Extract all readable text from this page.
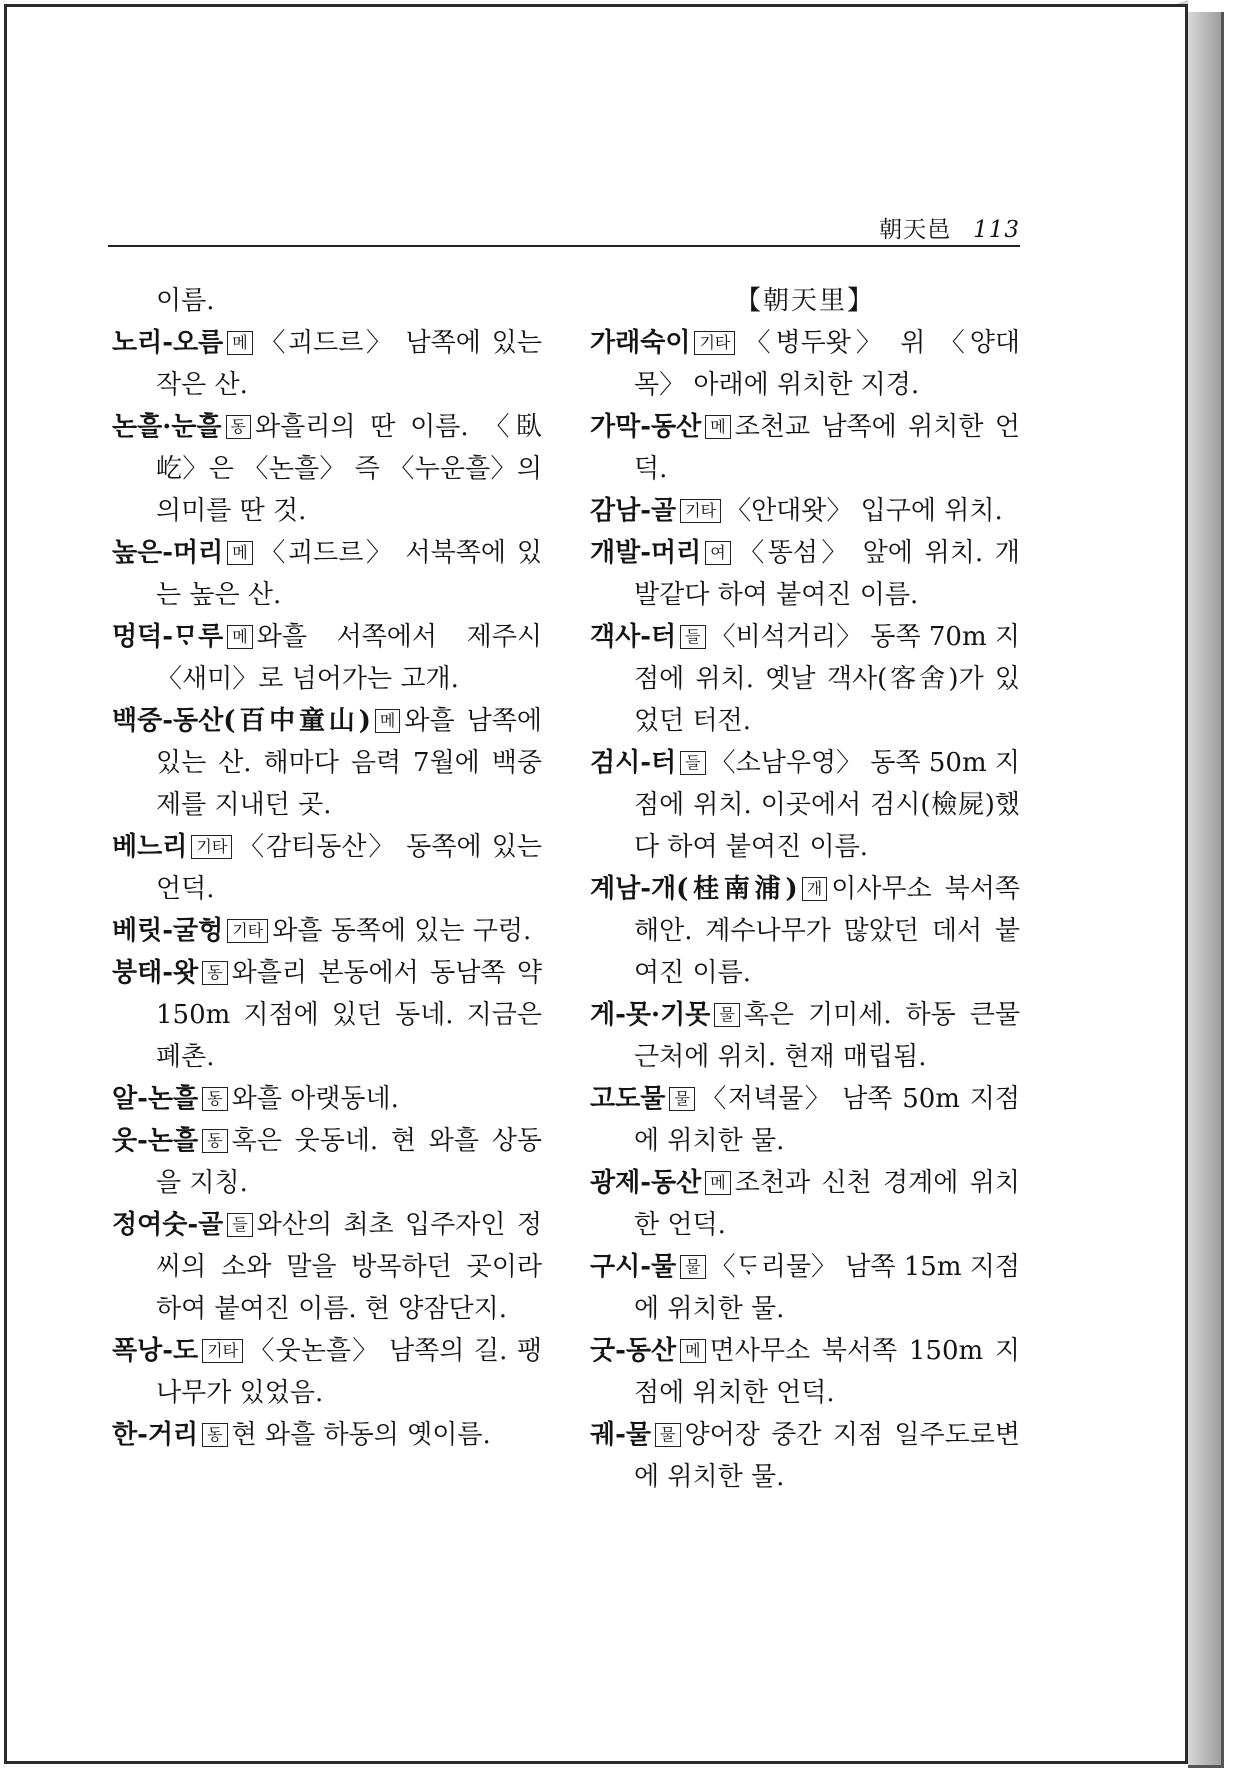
朝天邑 113

이름.

노리-오름 메 〈괴드르〉 남쪽에 있는 작은 산.

논흘·눈흘 동 와흘리의 딴 이름. 〈臥屹〉은 〈논흘〉 즉 〈누운흘〉의 의미를 딴 것.

높은-머리 메 〈괴드르〉 서북쪽에 있는 높은 산.

멍덕-ᄆᆞ루 메 와흘 서쪽에서 제주시 〈새미〉로 넘어가는 고개.

백중-동산(百中童山) 메 와흘 남쪽에 있는 산. 해마다 음력 7월에 백중제를 지내던 곳.

베느리 기타 〈감티동산〉 동쪽에 있는 언덕.

베릿-굴헝 기타 와흘 동쪽에 있는 구렁.

붕태-왓 동 와흘리 본동에서 동남쪽 약 150m 지점에 있던 동네. 지금은 폐촌.

알-논흘 동 와흘 아랫동네.

웃-논흘 동 혹은 웃동네. 현 와흘 상동을 지칭.

정여숫-골 들 와산의 최초 입주자인 정씨의 소와 말을 방목하던 곳이라 하여 붙여진 이름. 현 양잠단지.

폭낭-도 기타 〈웃논흘〉 남쪽의 길. 팽나무가 있었음.

한-거리 동 현 와흘 하동의 옛이름.

【朝天里】

가래숙이 기타 〈병두왓〉 위 〈양대목〉 아래에 위치한 지경.

가막-동산 메 조천교 남쪽에 위치한 언덕.

감남-골 기타 〈안대왓〉 입구에 위치.

개발-머리 여 〈똥섬〉 앞에 위치. 개발같다 하여 붙여진 이름.

객사-터 들 〈비석거리〉 동쪽 70m 지점에 위치. 옛날 객사(客舍)가 있었던 터전.

검시-터 들 〈소남우영〉 동쪽 50m 지점에 위치. 이곳에서 검시(檢屍)했다 하여 붙여진 이름.

계남-개(桂南浦) 개 이사무소 북서쪽 해안. 계수나무가 많았던 데서 붙여진 이름.

게-못·기못 물 혹은 기미세. 하동 큰물 근처에 위치. 현재 매립됨.

고도물 물 〈저녁물〉 남쪽 50m 지점에 위치한 물.

광제-동산 메 조천과 신천 경계에 위치한 언덕.

구시-물 물 〈ᄃᆞ리물〉 남쪽 15m 지점에 위치한 물.

굿-동산 메 면사무소 북서쪽 150m 지점에 위치한 언덕.

궤-물 물 양어장 중간 지점 일주도로변에 위치한 물.
